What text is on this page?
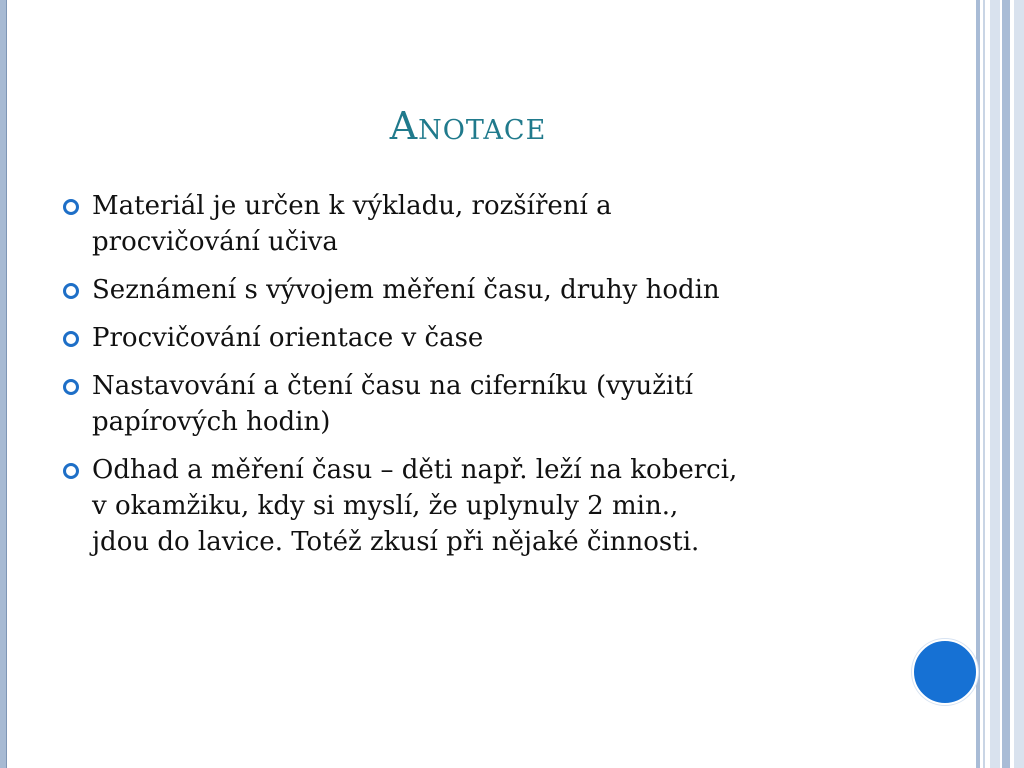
Anotace
Materiál je určen k výkladu, rozšíření a
procvičování učiva
Seznámení s vývojem měření času, druhy hodin
Procvičování orientace v čase
Nastavování a čtení času na ciferníku (využití
papírových hodin)
Odhad a měření času – děti např. leží na koberci,
v okamžiku, kdy si myslí, že uplynuly 2 min.,
jdou do lavice. Totéž zkusí při nějaké činnosti.
